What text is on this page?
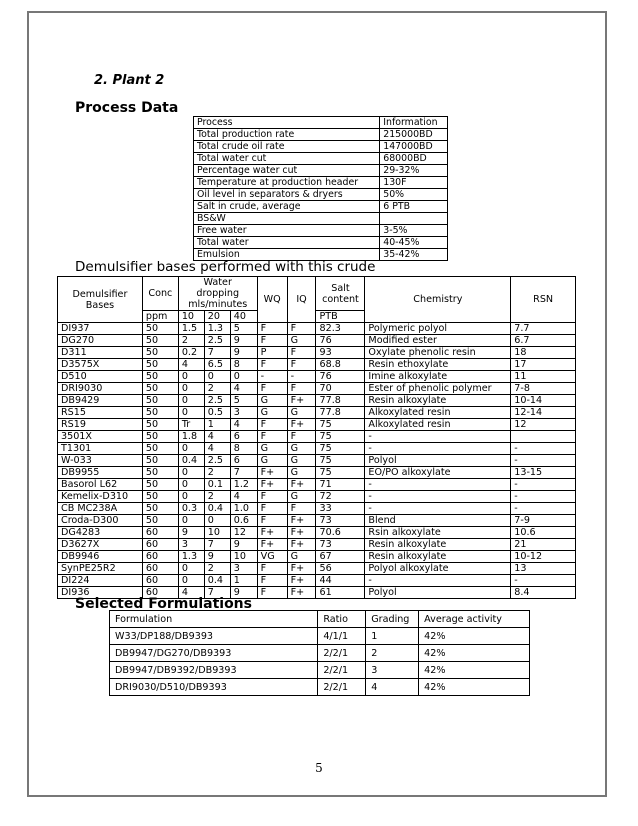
2. Plant 2
Process Data
Process	Information
Total production rate	215000BD
Total crude oil rate	147000BD
Total water cut	68000BD
Percentage water cut	29-32%
Temperature at production header	130F
Oil level in separators & dryers	50%
Salt in crude, average	6 PTB
BS&W	
Free water	3-5%
Total water	40-45%
Emulsion	35-42%
Demulsifier bases performed with this crude
Demulsifier Bases	Conc	Water dropping mls/minutes			WQ	IQ	Salt content	Chemistry	RSN
	ppm	10	20	40			PTB		
DI937	50	1.5	1.3	5	F	F	82.3	Polymeric polyol	7.7
DG270	50	2	2.5	9	F	G	76	Modified ester	6.7
D311	50	0.2	7	9	P	F	93	Oxylate phenolic resin	18
D3575X	50	4	6.5	8	F	F	68.8	Resin ethoxylate	17
D510	50	0	0	0	-	-	76	Imine alkoxylate	11
DRI9030	50	0	2	4	F	F	70	Ester of phenolic polymer	7-8
DB9429	50	0	2.5	5	G	F+	77.8	Resin alkoxylate	10-14
RS15	50	0	0.5	3	G	G	77.8	Alkoxylated resin	12-14
RS19	50	Tr	1	4	F	F+	75	Alkoxylated resin	12
3501X	50	1.8	4	6	F	F	75	-	
T1301	50	0	4	8	G	G	75	-	-
W-033	50	0.4	2.5	6	G	G	75	Polyol	-
DB9955	50	0	2	7	F+	G	75	EO/PO alkoxylate	13-15
Basorol L62	50	0	0.1	1.2	F+	F+	71	-	-
Kemelix-D310	50	0	2	4	F	G	72	-	-
CB MC238A	50	0.3	0.4	1.0	F	F	33	-	-
Croda-D300	50	0	0	0.6	F	F+	73	Blend	7-9
DG4283	60	9	10	12	F+	F+	70.6	Rsin alkoxylate	10.6
D3627X	60	3	7	9	F+	F+	73	Resin alkoxylate	21
DB9946	60	1.3	9	10	VG	G	67	Resin alkoxylate	10-12
SynPE25R2	60	0	2	3	F	F+	56	Polyol alkoxylate	13
DI224	60	0	0.4	1	F	F+	44	-	-
DI936	60	4	7	9	F	F+	61	Polyol	8.4
Selected Formulations
Formulation	Ratio	Grading	Average activity
W33/DP188/DB9393	4/1/1	1	42%
DB9947/DG270/DB9393	2/2/1	2	42%
DB9947/DB9392/DB9393	2/2/1	3	42%
DRI9030/D510/DB9393	2/2/1	4	42%
5
